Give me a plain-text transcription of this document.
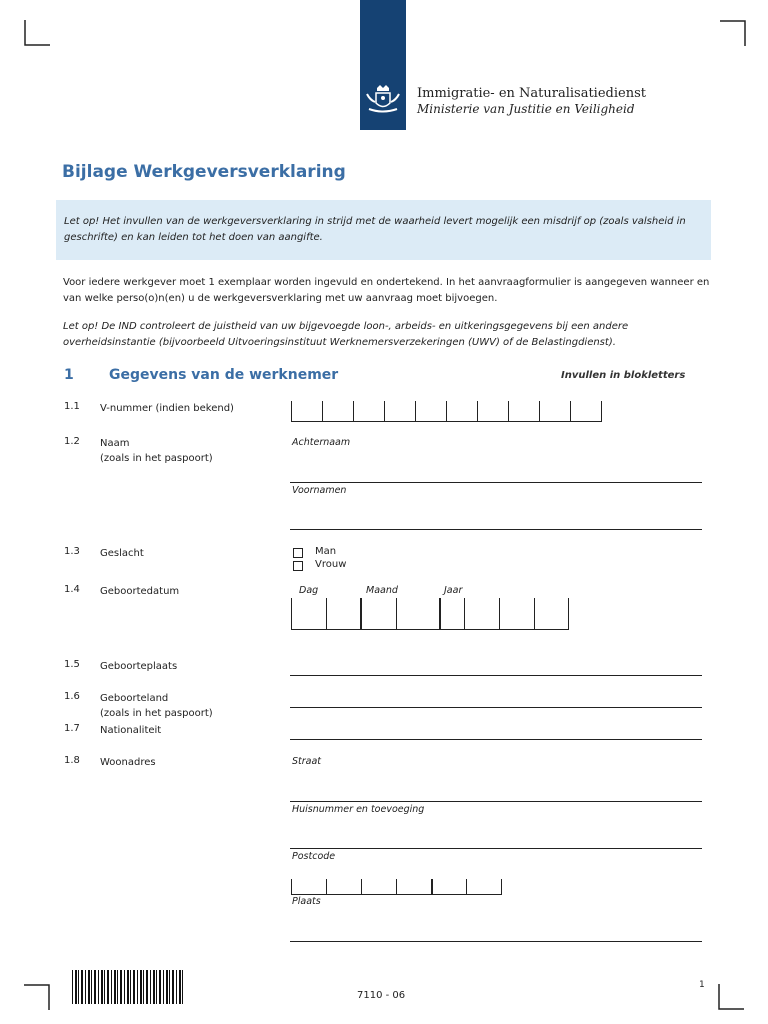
Immigratie- en Naturalisatiedienst
Ministerie van Justitie en Veiligheid
Bijlage Werkgeversverklaring
Let op! Het invullen van de werkgeversverklaring in strijd met de waarheid levert mogelijk een misdrijf op (zoals valsheid in geschrifte) en kan leiden tot het doen van aangifte.
Voor iedere werkgever moet 1 exemplaar worden ingevuld en ondertekend. In het aanvraagformulier is aangegeven wanneer en van welke perso(o)n(en) u de werkgeversverklaring met uw aanvraag moet bijvoegen.
Let op! De IND controleert de juistheid van uw bijgevoegde loon-, arbeids- en uitkeringsgegevens bij een andere overheidsinstantie (bijvoorbeeld Uitvoeringsinstituut Werknemersverzekeringen (UWV) of de Belastingdienst).
1	Gegevens van de werknemer	Invullen in blokletters
1.1 V-nummer (indien bekend)
1.2 Naam
(zoals in het paspoort)
Achternaam
Voornamen
1.3 Geslacht	Man
Vrouw
1.4 Geboortedatum	Dag	Maand	Jaar
1.5 Geboorteplaats
1.6 Geboorteland
(zoals in het paspoort)
1.7 Nationaliteit
1.8 Woonadres	Straat
Huisnummer en toevoeging
Postcode
Plaats
7110 - 06
1
